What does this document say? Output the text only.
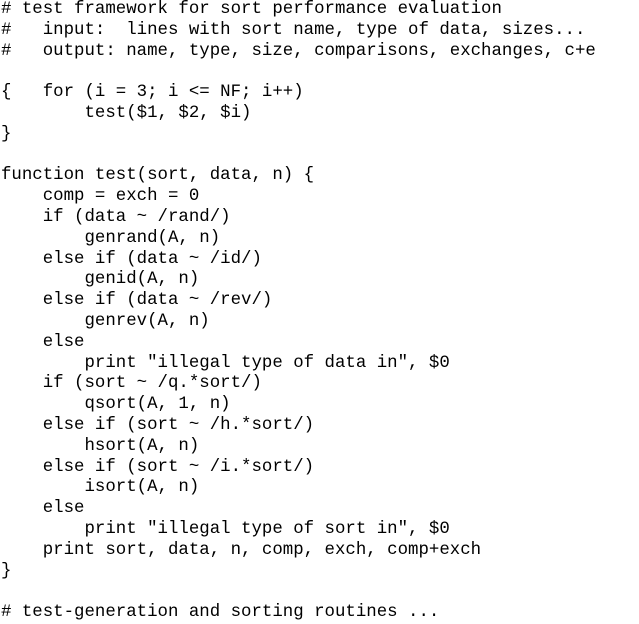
# test framework for sort performance evaluation
#   input:  lines with sort name, type of data, sizes...
#   output: name, type, size, comparisons, exchanges, c+e
{   for (i = 3; i <= NF; i++)
test($1, $2, $i)
}
function test(sort, data, n) {
comp = exch = 0
if (data ~ /rand/)
genrand(A, n)
else if (data ~ /id/)
genid(A, n)
else if (data ~ /rev/)
genrev(A, n)
else
print "illegal type of data in", $0
if (sort ~ /q.*sort/)
qsort(A, 1, n)
else if (sort ~ /h.*sort/)
hsort(A, n)
else if (sort ~ /i.*sort/)
isort(A, n)
else
print "illegal type of sort in", $0
print sort, data, n, comp, exch, comp+exch
}
# test-generation and sorting routines ...
